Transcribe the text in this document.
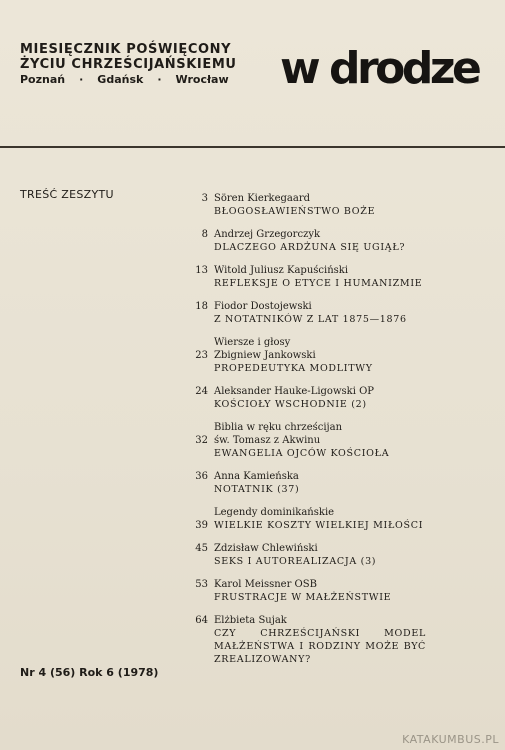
MIESIĘCZNIK POŚWIĘCONY
ŻYCIU CHRZEŚCIJAŃSKIEMU
Poznań · Gdańsk · Wrocław w drodze
TREŚĆ ZESZYTU	3 Sören Kierkegaard
BŁOGOSŁAWIEŃSTWO BOŻE
8 Andrzej Grzegorczyk
DLACZEGO ARDŻUNA SIĘ UGIĄŁ?
13 Witold Juliusz Kapuściński
REFLEKSJE O ETYCE I HUMANIZMIE
18 Fiodor Dostojewski
Z NOTATNIKÓW Z LAT 1875—1876
Wiersze i głosy
23 Zbigniew Jankowski
PROPEDEUTYKA MODLITWY
24 Aleksander Hauke-Ligowski OP
KOŚCIOŁY WSCHODNIE (2)
Biblia w ręku chrześcijan
32 św. Tomasz z Akwinu
EWANGELIA OJCÓW KOŚCIOŁA
36 Anna Kamieńska
NOTATNIK (37)
Legendy dominikańskie
39 WIELKIE KOSZTY WIELKIEJ MIŁOŚCI
45 Zdzisław Chlewiński
SEKS I AUTOREALIZACJA (3)
53 Karol Meissner OSB
FRUSTRACJE W MAŁŻEŃSTWIE
64 Elżbieta Sujak
CZY CHRZEŚCIJAŃSKI MODEL MAŁŻEŃSTWA I RODZINY MOŻE BYĆ ZREALIZOWANY?
Nr 4 (56) Rok 6 (1978)
KATAKUMBUS.PL
